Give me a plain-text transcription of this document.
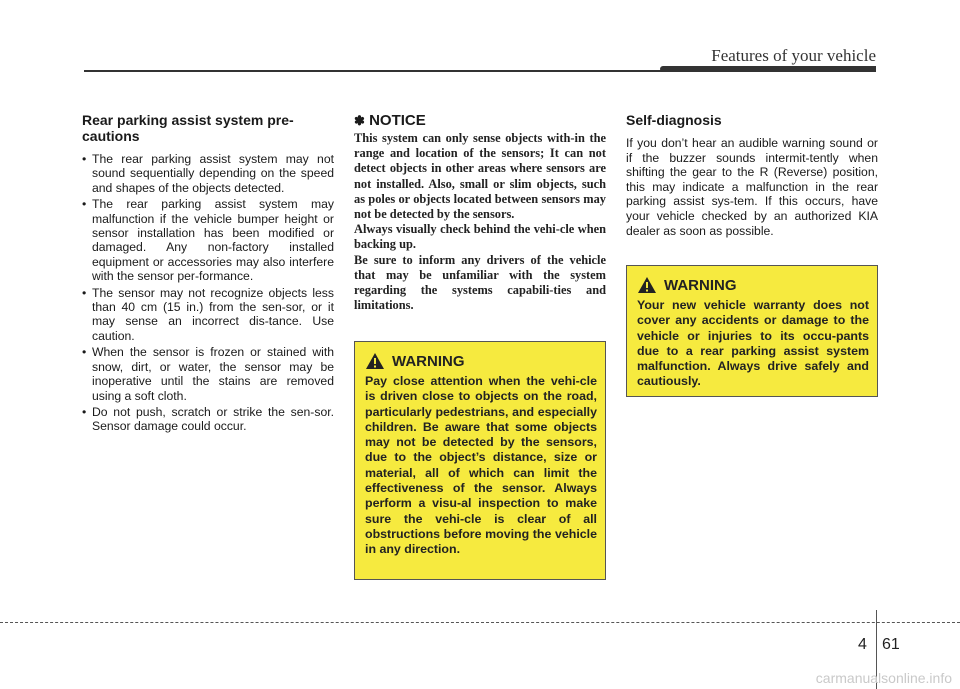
Features of your vehicle
Rear parking assist system pre-cautions
• The rear parking assist system may not sound sequentially depending on the speed and shapes of the objects detected.
• The rear parking assist system may malfunction if the vehicle bumper height or sensor installation has been modified or damaged. Any non-factory installed equipment or accessories may also interfere with the sensor per-formance.
• The sensor may not recognize objects less than 40 cm (15 in.) from the sen-sor, or it may sense an incorrect dis-tance. Use caution.
• When the sensor is frozen or stained with snow, dirt, or water, the sensor may be inoperative until the stains are removed using a soft cloth.
• Do not push, scratch or strike the sen-sor. Sensor damage could occur.
✽ NOTICE

This system can only sense objects with-in the range and location of the sensors; It can not detect objects in other areas where sensors are not installed. Also, small or slim objects, such as poles or objects located between sensors may not be detected by the sensors.

Always visually check behind the vehi-cle when backing up.

Be sure to inform any drivers of the vehicle that may be unfamiliar with the system regarding the systems capabili-ties and limitations.

WARNING
Pay close attention when the vehi-cle is driven close to objects on the road, particularly pedestrians, and especially children. Be aware that some objects may not be detected by the sensors, due to the object’s distance, size or material, all of which can limit the effectiveness of the sensor. Always perform a visu-al inspection to make sure the vehi-cle is clear of all obstructions before moving the vehicle in any direction.
Self-diagnosis

If you don’t hear an audible warning sound or if the buzzer sounds intermit-tently when shifting the gear to the R (Reverse) position, this may indicate a malfunction in the rear parking assist sys-tem. If this occurs, have your vehicle checked by an authorized KIA dealer as soon as possible.

WARNING
Your new vehicle warranty does not cover any accidents or damage to the vehicle or injuries to its occu-pants due to a rear parking assist system malfunction. Always drive safely and cautiously.
4 61
carmanualsonline.info
